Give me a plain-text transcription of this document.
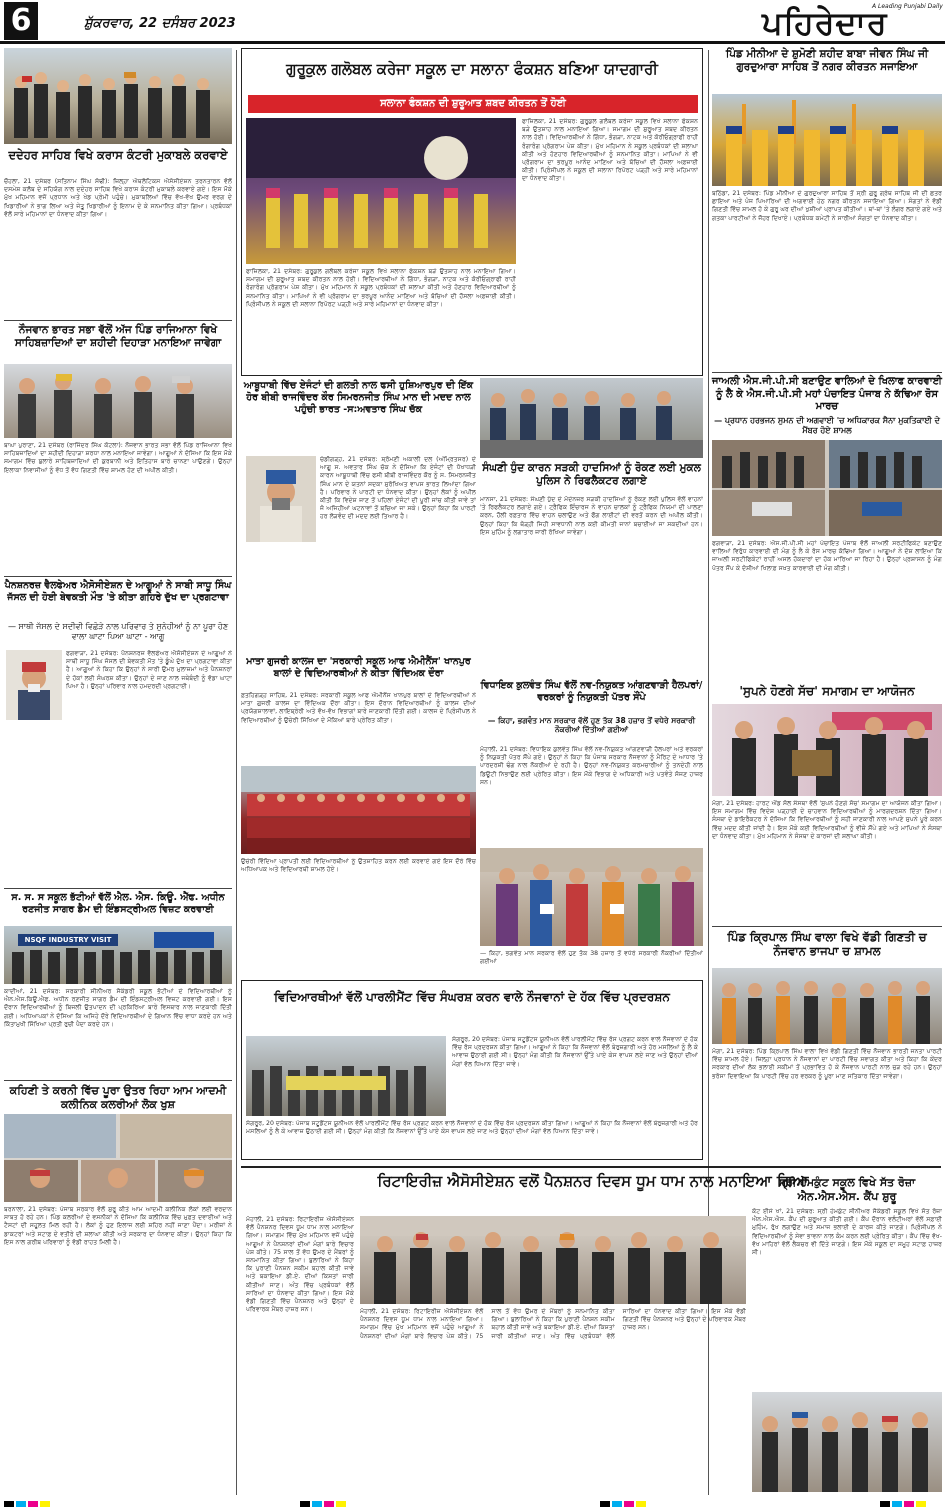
6	ਸ਼ੁੱਕਰਵਾਰ, 22 ਦਸੰਬਰ 2023	ਪਹਿਰੇਦਾਰ
A Leading Punjabi Daily
ਦਦੇਹਰ ਸਾਹਿਬ ਵਿਖੇ ਕਰਾਸ ਕੰਟਰੀ ਮੁਕਾਬਲੇ ਕਰਵਾਏ
ਚੌਹਲਾ, 21 ਦਸੰਬਰ (ਸਤਿਨਾਮ ਸਿੰਘ ਸੋਢੀ): ਜ਼ਿਲ੍ਹਾ ਐਥਲੈਟਿਕਸ ਐਸੋਸੀਏਸ਼ਨ ਤਰਨਤਾਰਨ ਵੱਲੋਂ ਦਸਮੇਸ਼ ਕਲੱਬ ਦੇ ਸਹਿਯੋਗ ਨਾਲ ਦਦੇਹਰ ਸਾਹਿਬ ਵਿਖੇ ਕਰਾਸ ਕੰਟਰੀ ਮੁਕਾਬਲੇ ਕਰਵਾਏ ਗਏ। ਇਸ ਮੌਕੇ ਮੁੱਖ ਮਹਿਮਾਨ ਵਜੋਂ ਪ੍ਰਧਾਨ ਅਤੇ ਖੇਡ ਪ੍ਰੇਮੀ ਪਹੁੰਚੇ। ਮੁਕਾਬਲਿਆਂ ਵਿੱਚ ਵੱਖ-ਵੱਖ ਉਮਰ ਵਰਗ ਦੇ ਖਿਡਾਰੀਆਂ ਨੇ ਭਾਗ ਲਿਆ ਅਤੇ ਜੇਤੂ ਖਿਡਾਰੀਆਂ ਨੂੰ ਇਨਾਮ ਦੇ ਕੇ ਸਨਮਾਨਿਤ ਕੀਤਾ ਗਿਆ। ਪ੍ਰਬੰਧਕਾਂ ਵੱਲੋਂ ਸਾਰੇ ਮਹਿਮਾਨਾਂ ਦਾ ਧੰਨਵਾਦ ਕੀਤਾ ਗਿਆ।
ਨੌਜਵਾਨ ਭਾਰਤ ਸਭਾ ਵੱਲੋਂ ਅੱਜ ਪਿੰਡ ਰਾਜਿਆਨਾ ਵਿਖੇ ਸਾਹਿਬਜ਼ਾਦਿਆਂ ਦਾ ਸ਼ਹੀਦੀ ਦਿਹਾੜਾ ਮਨਾਇਆ ਜਾਵੇਗਾ
ਬਾਘਾ ਪੁਰਾਣਾ, 21 ਦਸੰਬਰ (ਰਾਜਿੰਦਰ ਸਿੰਘ ਕੋਟਲਾ): ਨੌਜਵਾਨ ਭਾਰਤ ਸਭਾ ਵੱਲੋਂ ਪਿੰਡ ਰਾਜਿਆਨਾ ਵਿਖੇ ਸਾਹਿਬਜ਼ਾਦਿਆਂ ਦਾ ਸ਼ਹੀਦੀ ਦਿਹਾੜਾ ਸ਼ਰਧਾ ਨਾਲ ਮਨਾਇਆ ਜਾਵੇਗਾ। ਆਗੂਆਂ ਨੇ ਦੱਸਿਆ ਕਿ ਇਸ ਮੌਕੇ ਸਮਾਗਮ ਵਿੱਚ ਬੁਲਾਰੇ ਸਾਹਿਬਜ਼ਾਦਿਆਂ ਦੀ ਕੁਰਬਾਨੀ ਅਤੇ ਇਤਿਹਾਸ ਬਾਰੇ ਚਾਨਣਾ ਪਾਉਣਗੇ। ਉਨ੍ਹਾਂ ਇਲਾਕਾ ਨਿਵਾਸੀਆਂ ਨੂੰ ਵੱਧ ਤੋਂ ਵੱਧ ਗਿਣਤੀ ਵਿੱਚ ਸ਼ਾਮਲ ਹੋਣ ਦੀ ਅਪੀਲ ਕੀਤੀ।
ਪੈਨਸ਼ਨਰਜ਼ ਵੈਲਫੇਅਰ ਐਸੋਸੀਏਸ਼ਨ ਦੇ ਆਗੂਆਂ ਨੇ ਸਾਬੀ ਸਾਧੂ ਸਿੰਘ ਜੱਸਲ ਦੀ ਹੋਈ ਬੇਵਕਤੀ ਮੌਤ 'ਤੇ ਕੀਤਾ ਗਹਿਰੇ ਦੁੱਖ ਦਾ ਪ੍ਰਗਟਾਵਾ
— ਸਾਥੀ ਜੱਸਲ ਦੇ ਸਦੀਵੀ ਵਿਛੋੜੇ ਨਾਲ ਪਰਿਵਾਰ ਤੇ ਸੁਨੇਹੀਆਂ ਨੂੰ ਨਾ ਪੂਰਾ ਹੋਣ ਵਾਲਾ ਘਾਟਾ ਪਿਆ ਘਾਟਾ - ਆਗੂ
ਫਗਵਾੜਾ, 21 ਦਸੰਬਰ: ਪੈਨਸ਼ਨਰਜ਼ ਵੈਲਫੇਅਰ ਐਸੋਸੀਏਸ਼ਨ ਦੇ ਆਗੂਆਂ ਨੇ ਸਾਥੀ ਸਾਧੂ ਸਿੰਘ ਜੱਸਲ ਦੀ ਬੇਵਕਤੀ ਮੌਤ 'ਤੇ ਡੂੰਘੇ ਦੁੱਖ ਦਾ ਪ੍ਰਗਟਾਵਾ ਕੀਤਾ ਹੈ। ਆਗੂਆਂ ਨੇ ਕਿਹਾ ਕਿ ਉਨ੍ਹਾਂ ਨੇ ਸਾਰੀ ਉਮਰ ਮੁਲਾਜ਼ਮਾਂ ਅਤੇ ਪੈਨਸ਼ਨਰਾਂ ਦੇ ਹੱਕਾਂ ਲਈ ਸੰਘਰਸ਼ ਕੀਤਾ। ਉਨ੍ਹਾਂ ਦੇ ਜਾਣ ਨਾਲ ਜਥੇਬੰਦੀ ਨੂੰ ਵੱਡਾ ਘਾਟਾ ਪਿਆ ਹੈ। ਉਨ੍ਹਾਂ ਪਰਿਵਾਰ ਨਾਲ ਹਮਦਰਦੀ ਪ੍ਰਗਟਾਈ।
ਸ. ਸ. ਸ ਸਕੂਲ ਭੱਟੀਆਂ ਵੱਲੋਂ ਐਲ. ਐਸ. ਕਿਊ. ਐੱਫ. ਅਧੀਨ ਰਣਜੀਤ ਸਾਗਰ ਡੈਮ ਦੀ ਇੰਡਸਟ੍ਰੀਅਲ ਵਿਜ਼ਟ ਕਰਵਾਈ
NSQF INDUSTRY VISIT
ਕਾਦੀਆਂ, 21 ਦਸੰਬਰ: ਸਰਕਾਰੀ ਸੀਨੀਅਰ ਸੈਕੰਡਰੀ ਸਕੂਲ ਭੱਟੀਆਂ ਦੇ ਵਿਦਿਆਰਥੀਆਂ ਨੂੰ ਐਨ.ਐਸ.ਕਿਊ.ਐਫ. ਅਧੀਨ ਰਣਜੀਤ ਸਾਗਰ ਡੈਮ ਦੀ ਇੰਡਸਟ੍ਰੀਅਲ ਵਿਜ਼ਟ ਕਰਵਾਈ ਗਈ। ਇਸ ਦੌਰਾਨ ਵਿਦਿਆਰਥੀਆਂ ਨੂੰ ਬਿਜਲੀ ਉਤਪਾਦਨ ਦੀ ਪ੍ਰਕਿਰਿਆ ਬਾਰੇ ਵਿਸਥਾਰ ਨਾਲ ਜਾਣਕਾਰੀ ਦਿੱਤੀ ਗਈ। ਅਧਿਆਪਕਾਂ ਨੇ ਦੱਸਿਆ ਕਿ ਅਜਿਹੇ ਦੌਰੇ ਵਿਦਿਆਰਥੀਆਂ ਦੇ ਗਿਆਨ ਵਿੱਚ ਵਾਧਾ ਕਰਦੇ ਹਨ ਅਤੇ ਕਿੱਤਾਮੁਖੀ ਸਿੱਖਿਆ ਪ੍ਰਤੀ ਰੁਚੀ ਪੈਦਾ ਕਰਦੇ ਹਨ।
ਕਹਿਣੀ ਤੇ ਕਰਨੀ ਵਿੱਚ ਪੂਰਾ ਉਤਰ ਰਿਹਾ ਆਮ ਆਦਮੀ ਕਲੀਨਿਕ ਕਲਰੀਆਂ ਲੋਕ ਖੁਸ਼
ਬਰਨਾਲਾ, 21 ਦਸੰਬਰ: ਪੰਜਾਬ ਸਰਕਾਰ ਵੱਲੋਂ ਸ਼ੁਰੂ ਕੀਤੇ ਆਮ ਆਦਮੀ ਕਲੀਨਿਕ ਲੋਕਾਂ ਲਈ ਵਰਦਾਨ ਸਾਬਤ ਹੋ ਰਹੇ ਹਨ। ਪਿੰਡ ਕਲਰੀਆਂ ਦੇ ਵਸਨੀਕਾਂ ਨੇ ਦੱਸਿਆ ਕਿ ਕਲੀਨਿਕ ਵਿੱਚ ਮੁਫ਼ਤ ਦਵਾਈਆਂ ਅਤੇ ਟੈਸਟਾਂ ਦੀ ਸਹੂਲਤ ਮਿਲ ਰਹੀ ਹੈ। ਲੋਕਾਂ ਨੂੰ ਹੁਣ ਇਲਾਜ ਲਈ ਸ਼ਹਿਰ ਨਹੀਂ ਜਾਣਾ ਪੈਂਦਾ। ਮਰੀਜ਼ਾਂ ਨੇ ਡਾਕਟਰਾਂ ਅਤੇ ਸਟਾਫ਼ ਦੇ ਵਤੀਰੇ ਦੀ ਸ਼ਲਾਘਾ ਕੀਤੀ ਅਤੇ ਸਰਕਾਰ ਦਾ ਧੰਨਵਾਦ ਕੀਤਾ। ਉਨ੍ਹਾਂ ਕਿਹਾ ਕਿ ਇਸ ਨਾਲ ਗਰੀਬ ਪਰਿਵਾਰਾਂ ਨੂੰ ਵੱਡੀ ਰਾਹਤ ਮਿਲੀ ਹੈ।
ਗੁਰੂਕੁਲ ਗਲੋਬਲ ਕਰੇਜਾ ਸਕੂਲ ਦਾ ਸਲਾਨਾ ਫੰਕਸ਼ਨ ਬਣਿਆ ਯਾਦਗਾਰੀ
ਸਲਾਨਾ ਫੰਕਸ਼ਨ ਦੀ ਸ਼ੁਰੂਆਤ ਸ਼ਬਦ ਕੀਰਤਨ ਤੋਂ ਹੋਈ
ਫਾਜ਼ਿਲਕਾ, 21 ਦਸੰਬਰ: ਗੁਰੂਕੁਲ ਗਲੋਬਲ ਕਰੇਜਾ ਸਕੂਲ ਵਿਖੇ ਸਲਾਨਾ ਫੰਕਸ਼ਨ ਬੜੇ ਉਤਸ਼ਾਹ ਨਾਲ ਮਨਾਇਆ ਗਿਆ। ਸਮਾਗਮ ਦੀ ਸ਼ੁਰੂਆਤ ਸ਼ਬਦ ਕੀਰਤਨ ਨਾਲ ਹੋਈ। ਵਿਦਿਆਰਥੀਆਂ ਨੇ ਗਿੱਧਾ, ਭੰਗੜਾ, ਨਾਟਕ ਅਤੇ ਕੋਰੀਓਗ੍ਰਾਫੀ ਰਾਹੀਂ ਰੰਗਾਰੰਗ ਪ੍ਰੋਗਰਾਮ ਪੇਸ਼ ਕੀਤਾ। ਮੁੱਖ ਮਹਿਮਾਨ ਨੇ ਸਕੂਲ ਪ੍ਰਬੰਧਕਾਂ ਦੀ ਸ਼ਲਾਘਾ ਕੀਤੀ ਅਤੇ ਹੋਣਹਾਰ ਵਿਦਿਆਰਥੀਆਂ ਨੂੰ ਸਨਮਾਨਿਤ ਕੀਤਾ। ਮਾਪਿਆਂ ਨੇ ਵੀ ਪ੍ਰੋਗਰਾਮ ਦਾ ਭਰਪੂਰ ਆਨੰਦ ਮਾਣਿਆ ਅਤੇ ਬੱਚਿਆਂ ਦੀ ਹੌਸਲਾ ਅਫ਼ਜ਼ਾਈ ਕੀਤੀ। ਪ੍ਰਿੰਸੀਪਲ ਨੇ ਸਕੂਲ ਦੀ ਸਲਾਨਾ ਰਿਪੋਰਟ ਪੜ੍ਹੀ ਅਤੇ ਸਾਰੇ ਮਹਿਮਾਨਾਂ ਦਾ ਧੰਨਵਾਦ ਕੀਤਾ।
ਫਾਜ਼ਿਲਕਾ, 21 ਦਸੰਬਰ: ਗੁਰੂਕੁਲ ਗਲੋਬਲ ਕਰੇਜਾ ਸਕੂਲ ਵਿਖੇ ਸਲਾਨਾ ਫੰਕਸ਼ਨ ਬੜੇ ਉਤਸ਼ਾਹ ਨਾਲ ਮਨਾਇਆ ਗਿਆ। ਸਮਾਗਮ ਦੀ ਸ਼ੁਰੂਆਤ ਸ਼ਬਦ ਕੀਰਤਨ ਨਾਲ ਹੋਈ। ਵਿਦਿਆਰਥੀਆਂ ਨੇ ਗਿੱਧਾ, ਭੰਗੜਾ, ਨਾਟਕ ਅਤੇ ਕੋਰੀਓਗ੍ਰਾਫੀ ਰਾਹੀਂ ਰੰਗਾਰੰਗ ਪ੍ਰੋਗਰਾਮ ਪੇਸ਼ ਕੀਤਾ। ਮੁੱਖ ਮਹਿਮਾਨ ਨੇ ਸਕੂਲ ਪ੍ਰਬੰਧਕਾਂ ਦੀ ਸ਼ਲਾਘਾ ਕੀਤੀ ਅਤੇ ਹੋਣਹਾਰ ਵਿਦਿਆਰਥੀਆਂ ਨੂੰ ਸਨਮਾਨਿਤ ਕੀਤਾ। ਮਾਪਿਆਂ ਨੇ ਵੀ ਪ੍ਰੋਗਰਾਮ ਦਾ ਭਰਪੂਰ ਆਨੰਦ ਮਾਣਿਆ ਅਤੇ ਬੱਚਿਆਂ ਦੀ ਹੌਸਲਾ ਅਫ਼ਜ਼ਾਈ ਕੀਤੀ। ਪ੍ਰਿੰਸੀਪਲ ਨੇ ਸਕੂਲ ਦੀ ਸਲਾਨਾ ਰਿਪੋਰਟ ਪੜ੍ਹੀ ਅਤੇ ਸਾਰੇ ਮਹਿਮਾਨਾਂ ਦਾ ਧੰਨਵਾਦ ਕੀਤਾ।
ਆਬੂਧਾਬੀ ਵਿੱਚ ਏਜੰਟਾਂ ਦੀ ਗਲਤੀ ਨਾਲ ਫਸੀ ਹੁਸ਼ਿਆਰਪੁਰ ਦੀ ਇੱਕ ਹੋਰ ਬੀਬੀ ਰਾਜਵਿੰਦਰ ਕੌਰ ਸਿਮਰਨਜੀਤ ਸਿੰਘ ਮਾਨ ਦੀ ਮਦਦ ਨਾਲ ਪਹੁੰਚੀ ਭਾਰਤ -ਸ:ਅਵਤਾਰ ਸਿੰਘ ਚੱਕ
ਚੰਡੀਗੜ੍ਹ, 21 ਦਸੰਬਰ: ਸ਼੍ਰੋਮਣੀ ਅਕਾਲੀ ਦਲ (ਅੰਮ੍ਰਿਤਸਰ) ਦੇ ਆਗੂ ਸ. ਅਵਤਾਰ ਸਿੰਘ ਚੱਕ ਨੇ ਦੱਸਿਆ ਕਿ ਏਜੰਟਾਂ ਦੀ ਧੋਖਾਧੜੀ ਕਾਰਨ ਆਬੂਧਾਬੀ ਵਿੱਚ ਫਸੀ ਬੀਬੀ ਰਾਜਵਿੰਦਰ ਕੌਰ ਨੂੰ ਸ. ਸਿਮਰਨਜੀਤ ਸਿੰਘ ਮਾਨ ਦੇ ਯਤਨਾਂ ਸਦਕਾ ਸੁਰੱਖਿਅਤ ਵਾਪਸ ਭਾਰਤ ਲਿਆਂਦਾ ਗਿਆ ਹੈ। ਪਰਿਵਾਰ ਨੇ ਪਾਰਟੀ ਦਾ ਧੰਨਵਾਦ ਕੀਤਾ। ਉਨ੍ਹਾਂ ਲੋਕਾਂ ਨੂੰ ਅਪੀਲ ਕੀਤੀ ਕਿ ਵਿਦੇਸ਼ ਜਾਣ ਤੋਂ ਪਹਿਲਾਂ ਏਜੰਟਾਂ ਦੀ ਪੂਰੀ ਜਾਂਚ ਕੀਤੀ ਜਾਵੇ ਤਾਂ ਜੋ ਅਜਿਹੀਆਂ ਘਟਨਾਵਾਂ ਤੋਂ ਬਚਿਆ ਜਾ ਸਕੇ। ਉਨ੍ਹਾਂ ਕਿਹਾ ਕਿ ਪਾਰਟੀ ਹਰ ਲੋੜਵੰਦ ਦੀ ਮਦਦ ਲਈ ਤਿਆਰ ਹੈ।
ਸੰਘਣੀ ਧੁੰਦ ਕਾਰਨ ਸੜਕੀ ਹਾਦਸਿਆਂ ਨੂੰ ਰੋਕਣ ਲਈ ਮੁਕਲ ਪੁਲਿਸ ਨੇ ਰਿਫਲੈਕਟਰ ਲਗਾਏ
ਮਾਨਸਾ, 21 ਦਸੰਬਰ: ਸੰਘਣੀ ਧੁੰਦ ਦੇ ਮੱਦੇਨਜ਼ਰ ਸੜਕੀ ਹਾਦਸਿਆਂ ਨੂੰ ਰੋਕਣ ਲਈ ਪੁਲਿਸ ਵੱਲੋਂ ਵਾਹਨਾਂ 'ਤੇ ਰਿਫਲੈਕਟਰ ਲਗਾਏ ਗਏ। ਟ੍ਰੈਫਿਕ ਇੰਚਾਰਜ ਨੇ ਵਾਹਨ ਚਾਲਕਾਂ ਨੂੰ ਟ੍ਰੈਫਿਕ ਨਿਯਮਾਂ ਦੀ ਪਾਲਣਾ ਕਰਨ, ਹੌਲੀ ਰਫ਼ਤਾਰ ਵਿੱਚ ਵਾਹਨ ਚਲਾਉਣ ਅਤੇ ਫੌਗ ਲਾਈਟਾਂ ਦੀ ਵਰਤੋਂ ਕਰਨ ਦੀ ਅਪੀਲ ਕੀਤੀ। ਉਨ੍ਹਾਂ ਕਿਹਾ ਕਿ ਥੋੜ੍ਹੀ ਜਿਹੀ ਸਾਵਧਾਨੀ ਨਾਲ ਕਈ ਕੀਮਤੀ ਜਾਨਾਂ ਬਚਾਈਆਂ ਜਾ ਸਕਦੀਆਂ ਹਨ। ਇਸ ਮੁਹਿੰਮ ਨੂੰ ਲਗਾਤਾਰ ਜਾਰੀ ਰੱਖਿਆ ਜਾਵੇਗਾ।
ਮਾਤਾ ਗੁਜਰੀ ਕਾਲਜ ਦਾ 'ਸਰਕਾਰੀ ਸਕੂਲ ਆਫ ਐਮੀਨੈਂਸ' ਖਾਨਪੁਰ ਬਾਲਾਂ ਦੇ ਵਿਦਿਆਰਥੀਆਂ ਨੇ ਕੀਤਾ ਵਿੱਦਿਅਕ ਦੌਰਾ
ਫ਼ਤਹਿਗੜ੍ਹ ਸਾਹਿਬ, 21 ਦਸੰਬਰ: ਸਰਕਾਰੀ ਸਕੂਲ ਆਫ ਐਮੀਨੈਂਸ ਖਾਨਪੁਰ ਬਾਲਾਂ ਦੇ ਵਿਦਿਆਰਥੀਆਂ ਨੇ ਮਾਤਾ ਗੁਜਰੀ ਕਾਲਜ ਦਾ ਵਿੱਦਿਅਕ ਦੌਰਾ ਕੀਤਾ। ਇਸ ਦੌਰਾਨ ਵਿਦਿਆਰਥੀਆਂ ਨੂੰ ਕਾਲਜ ਦੀਆਂ ਪ੍ਰਯੋਗਸ਼ਾਲਾਵਾਂ, ਲਾਇਬ੍ਰੇਰੀ ਅਤੇ ਵੱਖ-ਵੱਖ ਵਿਭਾਗਾਂ ਬਾਰੇ ਜਾਣਕਾਰੀ ਦਿੱਤੀ ਗਈ। ਕਾਲਜ ਦੇ ਪ੍ਰਿੰਸੀਪਲ ਨੇ ਵਿਦਿਆਰਥੀਆਂ ਨੂੰ ਉਚੇਰੀ ਸਿੱਖਿਆ ਦੇ ਮੌਕਿਆਂ ਬਾਰੇ ਪ੍ਰੇਰਿਤ ਕੀਤਾ।
ਉਚੇਰੀ ਵਿੱਦਿਆ ਪ੍ਰਾਪਤੀ ਲਈ ਵਿਦਿਆਰਥੀਆਂ ਨੂੰ ਉਤਸ਼ਾਹਿਤ ਕਰਨ ਲਈ ਕਰਵਾਏ ਗਏ ਇਸ ਦੌਰੇ ਵਿੱਚ ਅਧਿਆਪਕ ਅਤੇ ਵਿਦਿਆਰਥੀ ਸ਼ਾਮਲ ਹੋਏ।
ਵਿਧਾਇਕ ਕੁਲਵੰਤ ਸਿੰਘ ਵੱਲੋਂ ਨਵ-ਨਿਯੁਕਤ ਆਂਗਣਵਾੜੀ ਹੈਲਪਰਾਂ/ਵਰਕਰਾਂ ਨੂੰ ਨਿਯੁਕਤੀ ਪੱਤਰ ਸੌਂਪੇ
— ਕਿਹਾ, ਭਗਵੰਤ ਮਾਨ ਸਰਕਾਰ ਵੱਲੋਂ ਹੁਣ ਤੱਕ 38 ਹਜ਼ਾਰ ਤੋਂ ਵਧੇਰੇ ਸਰਕਾਰੀ ਨੌਕਰੀਆਂ ਦਿੱਤੀਆਂ ਗਈਆਂ
ਮੋਹਾਲੀ, 21 ਦਸੰਬਰ: ਵਿਧਾਇਕ ਕੁਲਵੰਤ ਸਿੰਘ ਵੱਲੋਂ ਨਵ-ਨਿਯੁਕਤ ਆਂਗਣਵਾੜੀ ਹੈਲਪਰਾਂ ਅਤੇ ਵਰਕਰਾਂ ਨੂੰ ਨਿਯੁਕਤੀ ਪੱਤਰ ਸੌਂਪੇ ਗਏ। ਉਨ੍ਹਾਂ ਨੇ ਕਿਹਾ ਕਿ ਪੰਜਾਬ ਸਰਕਾਰ ਨੌਜਵਾਨਾਂ ਨੂੰ ਮੈਰਿਟ ਦੇ ਆਧਾਰ 'ਤੇ ਪਾਰਦਰਸ਼ੀ ਢੰਗ ਨਾਲ ਨੌਕਰੀਆਂ ਦੇ ਰਹੀ ਹੈ। ਉਨ੍ਹਾਂ ਨਵ-ਨਿਯੁਕਤ ਕਰਮਚਾਰੀਆਂ ਨੂੰ ਤਨਦੇਹੀ ਨਾਲ ਡਿਊਟੀ ਨਿਭਾਉਣ ਲਈ ਪ੍ਰੇਰਿਤ ਕੀਤਾ। ਇਸ ਮੌਕੇ ਵਿਭਾਗ ਦੇ ਅਧਿਕਾਰੀ ਅਤੇ ਪਤਵੰਤੇ ਸੱਜਣ ਹਾਜ਼ਰ ਸਨ।
— ਕਿਹਾ, ਭਗਵੰਤ ਮਾਨ ਸਰਕਾਰ ਵੱਲੋਂ ਹੁਣ ਤੱਕ 38 ਹਜ਼ਾਰ ਤੋਂ ਵਧੇਰੇ ਸਰਕਾਰੀ ਨੌਕਰੀਆਂ ਦਿੱਤੀਆਂ ਗਈਆਂ
ਵਿਦਿਆਰਥੀਆਂ ਵੱਲੋਂ ਪਾਰਲੀਮੈਂਟ ਵਿੱਚ ਸੰਘਰਸ਼ ਕਰਨ ਵਾਲੇ ਨੌਜਵਾਨਾਂ ਦੇ ਹੱਕ ਵਿੱਚ ਪ੍ਰਦਰਸ਼ਨ
ਸੰਗਰੂਰ, 20 ਦਸੰਬਰ: ਪੰਜਾਬ ਸਟੂਡੈਂਟਸ ਯੂਨੀਅਨ ਵੱਲੋਂ ਪਾਰਲੀਮੈਂਟ ਵਿੱਚ ਰੋਸ ਪ੍ਰਗਟ ਕਰਨ ਵਾਲੇ ਨੌਜਵਾਨਾਂ ਦੇ ਹੱਕ ਵਿੱਚ ਰੋਸ ਪ੍ਰਦਰਸ਼ਨ ਕੀਤਾ ਗਿਆ। ਆਗੂਆਂ ਨੇ ਕਿਹਾ ਕਿ ਨੌਜਵਾਨਾਂ ਵੱਲੋਂ ਬੇਰੁਜ਼ਗਾਰੀ ਅਤੇ ਹੋਰ ਮਸਲਿਆਂ ਨੂੰ ਲੈ ਕੇ ਆਵਾਜ਼ ਉਠਾਈ ਗਈ ਸੀ। ਉਨ੍ਹਾਂ ਮੰਗ ਕੀਤੀ ਕਿ ਨੌਜਵਾਨਾਂ ਉੱਤੇ ਪਾਏ ਕੇਸ ਵਾਪਸ ਲਏ ਜਾਣ ਅਤੇ ਉਨ੍ਹਾਂ ਦੀਆਂ ਮੰਗਾਂ ਵੱਲ ਧਿਆਨ ਦਿੱਤਾ ਜਾਵੇ।
ਸੰਗਰੂਰ, 20 ਦਸੰਬਰ: ਪੰਜਾਬ ਸਟੂਡੈਂਟਸ ਯੂਨੀਅਨ ਵੱਲੋਂ ਪਾਰਲੀਮੈਂਟ ਵਿੱਚ ਰੋਸ ਪ੍ਰਗਟ ਕਰਨ ਵਾਲੇ ਨੌਜਵਾਨਾਂ ਦੇ ਹੱਕ ਵਿੱਚ ਰੋਸ ਪ੍ਰਦਰਸ਼ਨ ਕੀਤਾ ਗਿਆ। ਆਗੂਆਂ ਨੇ ਕਿਹਾ ਕਿ ਨੌਜਵਾਨਾਂ ਵੱਲੋਂ ਬੇਰੁਜ਼ਗਾਰੀ ਅਤੇ ਹੋਰ ਮਸਲਿਆਂ ਨੂੰ ਲੈ ਕੇ ਆਵਾਜ਼ ਉਠਾਈ ਗਈ ਸੀ। ਉਨ੍ਹਾਂ ਮੰਗ ਕੀਤੀ ਕਿ ਨੌਜਵਾਨਾਂ ਉੱਤੇ ਪਾਏ ਕੇਸ ਵਾਪਸ ਲਏ ਜਾਣ ਅਤੇ ਉਨ੍ਹਾਂ ਦੀਆਂ ਮੰਗਾਂ ਵੱਲ ਧਿਆਨ ਦਿੱਤਾ ਜਾਵੇ।
ਰਿਟਾਇਰੀਜ਼ ਐਸੋਸੀਏਸ਼ਨ ਵਲੋਂ ਪੈਨਸ਼ਨਰ ਦਿਵਸ ਧੂਮ ਧਾਮ ਨਾਲ ਮਨਾਇਆ ਗਿਆ
ਮੋਹਾਲੀ, 21 ਦਸੰਬਰ: ਰਿਟਾਇਰੀਜ਼ ਐਸੋਸੀਏਸ਼ਨ ਵੱਲੋਂ ਪੈਨਸ਼ਨਰ ਦਿਵਸ ਧੂਮ ਧਾਮ ਨਾਲ ਮਨਾਇਆ ਗਿਆ। ਸਮਾਗਮ ਵਿੱਚ ਮੁੱਖ ਮਹਿਮਾਨ ਵਜੋਂ ਪਹੁੰਚੇ ਆਗੂਆਂ ਨੇ ਪੈਨਸ਼ਨਰਾਂ ਦੀਆਂ ਮੰਗਾਂ ਬਾਰੇ ਵਿਚਾਰ ਪੇਸ਼ ਕੀਤੇ। 75 ਸਾਲ ਤੋਂ ਵੱਧ ਉਮਰ ਦੇ ਮੈਂਬਰਾਂ ਨੂੰ ਸਨਮਾਨਿਤ ਕੀਤਾ ਗਿਆ। ਬੁਲਾਰਿਆਂ ਨੇ ਕਿਹਾ ਕਿ ਪੁਰਾਣੀ ਪੈਨਸ਼ਨ ਸਕੀਮ ਬਹਾਲ ਕੀਤੀ ਜਾਵੇ ਅਤੇ ਬਕਾਇਆ ਡੀ.ਏ. ਦੀਆਂ ਕਿਸ਼ਤਾਂ ਜਾਰੀ ਕੀਤੀਆਂ ਜਾਣ। ਅੰਤ ਵਿੱਚ ਪ੍ਰਬੰਧਕਾਂ ਵੱਲੋਂ ਸਾਰਿਆਂ ਦਾ ਧੰਨਵਾਦ ਕੀਤਾ ਗਿਆ। ਇਸ ਮੌਕੇ ਵੱਡੀ ਗਿਣਤੀ ਵਿੱਚ ਪੈਨਸ਼ਨਰ ਅਤੇ ਉਨ੍ਹਾਂ ਦੇ ਪਰਿਵਾਰਕ ਮੈਂਬਰ ਹਾਜ਼ਰ ਸਨ।	ਮੋਹਾਲੀ, 21 ਦਸੰਬਰ: ਰਿਟਾਇਰੀਜ਼ ਐਸੋਸੀਏਸ਼ਨ ਵੱਲੋਂ ਪੈਨਸ਼ਨਰ ਦਿਵਸ ਧੂਮ ਧਾਮ ਨਾਲ ਮਨਾਇਆ ਗਿਆ। ਸਮਾਗਮ ਵਿੱਚ ਮੁੱਖ ਮਹਿਮਾਨ ਵਜੋਂ ਪਹੁੰਚੇ ਆਗੂਆਂ ਨੇ ਪੈਨਸ਼ਨਰਾਂ ਦੀਆਂ ਮੰਗਾਂ ਬਾਰੇ ਵਿਚਾਰ ਪੇਸ਼ ਕੀਤੇ। 75 ਸਾਲ ਤੋਂ ਵੱਧ ਉਮਰ ਦੇ ਮੈਂਬਰਾਂ ਨੂੰ ਸਨਮਾਨਿਤ ਕੀਤਾ ਗਿਆ। ਬੁਲਾਰਿਆਂ ਨੇ ਕਿਹਾ ਕਿ ਪੁਰਾਣੀ ਪੈਨਸ਼ਨ ਸਕੀਮ ਬਹਾਲ ਕੀਤੀ ਜਾਵੇ ਅਤੇ ਬਕਾਇਆ ਡੀ.ਏ. ਦੀਆਂ ਕਿਸ਼ਤਾਂ ਜਾਰੀ ਕੀਤੀਆਂ ਜਾਣ। ਅੰਤ ਵਿੱਚ ਪ੍ਰਬੰਧਕਾਂ ਵੱਲੋਂ ਸਾਰਿਆਂ ਦਾ ਧੰਨਵਾਦ ਕੀਤਾ ਗਿਆ। ਇਸ ਮੌਕੇ ਵੱਡੀ ਗਿਣਤੀ ਵਿੱਚ ਪੈਨਸ਼ਨਰ ਅਤੇ ਉਨ੍ਹਾਂ ਦੇ ਪਰਿਵਾਰਕ ਮੈਂਬਰ ਹਾਜ਼ਰ ਸਨ।
ਪਿੰਡ ਮੀਨੀਆ ਦੇ ਸ਼ੁਮੋਣੀ ਸ਼ਹੀਦ ਬਾਬਾ ਜੀਵਨ ਸਿੰਘ ਜੀ ਗੁਰਦੁਆਰਾ ਸਾਹਿਬ ਤੋਂ ਨਗਰ ਕੀਰਤਨ ਸਜਾਇਆ
ਬਠਿੰਡਾ, 21 ਦਸੰਬਰ: ਪਿੰਡ ਮੀਨੀਆ ਦੇ ਗੁਰਦੁਆਰਾ ਸਾਹਿਬ ਤੋਂ ਸ੍ਰੀ ਗੁਰੂ ਗ੍ਰੰਥ ਸਾਹਿਬ ਜੀ ਦੀ ਛਤਰ ਛਾਇਆ ਅਤੇ ਪੰਜ ਪਿਆਰਿਆਂ ਦੀ ਅਗਵਾਈ ਹੇਠ ਨਗਰ ਕੀਰਤਨ ਸਜਾਇਆ ਗਿਆ। ਸੰਗਤਾਂ ਨੇ ਵੱਡੀ ਗਿਣਤੀ ਵਿੱਚ ਸ਼ਾਮਲ ਹੋ ਕੇ ਗੁਰੂ ਘਰ ਦੀਆਂ ਖੁਸ਼ੀਆਂ ਪ੍ਰਾਪਤ ਕੀਤੀਆਂ। ਥਾਂ-ਥਾਂ 'ਤੇ ਲੰਗਰ ਲਗਾਏ ਗਏ ਅਤੇ ਗਤਕਾ ਪਾਰਟੀਆਂ ਨੇ ਜੌਹਰ ਦਿਖਾਏ। ਪ੍ਰਬੰਧਕ ਕਮੇਟੀ ਨੇ ਸਾਰੀਆਂ ਸੰਗਤਾਂ ਦਾ ਧੰਨਵਾਦ ਕੀਤਾ।
ਜਾਅਲੀ ਐਸ.ਜੀ.ਪੀ.ਸੀ ਬਣਾਉਣ ਵਾਲਿਆਂ ਦੇ ਖਿਲਾਫ ਕਾਰਵਾਈ ਨੂੰ ਲੈ ਕੇ ਐਸ.ਜੀ.ਪੀ.ਸੀ ਮਹਾਂ ਪੰਚਾਇਤ ਪੰਜਾਬ ਨੇ ਕੱਢਿਆ ਰੋਸ ਮਾਰਚ
— ਪ੍ਰਧਾਨ ਹਰਭਜਨ ਸੁਮਨ ਦੀ ਅਗਵਾਈ 'ਚ ਅਧਿਕਾਰਕ ਸੈਨਾ ਮੁਕਤਿਕਾਈ ਦੇ ਮੈਂਬਰ ਹੋਏ ਸ਼ਾਮਲ
ਫਗਵਾੜਾ, 21 ਦਸੰਬਰ: ਐਸ.ਜੀ.ਪੀ.ਸੀ ਮਹਾਂ ਪੰਚਾਇਤ ਪੰਜਾਬ ਵੱਲੋਂ ਜਾਅਲੀ ਸਰਟੀਫਿਕੇਟ ਬਣਾਉਣ ਵਾਲਿਆਂ ਵਿਰੁੱਧ ਕਾਰਵਾਈ ਦੀ ਮੰਗ ਨੂੰ ਲੈ ਕੇ ਰੋਸ ਮਾਰਚ ਕੱਢਿਆ ਗਿਆ। ਆਗੂਆਂ ਨੇ ਦੋਸ਼ ਲਾਇਆ ਕਿ ਜਾਅਲੀ ਸਰਟੀਫਿਕੇਟਾਂ ਰਾਹੀਂ ਅਸਲ ਹੱਕਦਾਰਾਂ ਦਾ ਹੱਕ ਮਾਰਿਆ ਜਾ ਰਿਹਾ ਹੈ। ਉਨ੍ਹਾਂ ਪ੍ਰਸ਼ਾਸਨ ਨੂੰ ਮੰਗ ਪੱਤਰ ਸੌਂਪ ਕੇ ਦੋਸ਼ੀਆਂ ਖਿਲਾਫ਼ ਸਖ਼ਤ ਕਾਰਵਾਈ ਦੀ ਮੰਗ ਕੀਤੀ।
'ਸੁਪਨੇ ਹੋਣਗੇ ਸੱਚ' ਸਮਾਗਮ ਦਾ ਆਯੋਜਨ
ਮੋਗਾ, 21 ਦਸੰਬਰ: ਹਾਰਟ ਐਂਡ ਸੋਲ ਸੰਸਥਾ ਵੱਲੋਂ 'ਸੁਪਨੇ ਹੋਣਗੇ ਸੱਚ' ਸਮਾਗਮ ਦਾ ਆਯੋਜਨ ਕੀਤਾ ਗਿਆ। ਇਸ ਸਮਾਗਮ ਵਿੱਚ ਵਿਦੇਸ਼ ਪੜ੍ਹਾਈ ਦੇ ਚਾਹਵਾਨ ਵਿਦਿਆਰਥੀਆਂ ਨੂੰ ਮਾਰਗਦਰਸ਼ਨ ਦਿੱਤਾ ਗਿਆ। ਸੰਸਥਾ ਦੇ ਡਾਇਰੈਕਟਰ ਨੇ ਦੱਸਿਆ ਕਿ ਵਿਦਿਆਰਥੀਆਂ ਨੂੰ ਸਹੀ ਜਾਣਕਾਰੀ ਨਾਲ ਆਪਣੇ ਸੁਪਨੇ ਪੂਰੇ ਕਰਨ ਵਿੱਚ ਮਦਦ ਕੀਤੀ ਜਾਂਦੀ ਹੈ। ਇਸ ਮੌਕੇ ਕਈ ਵਿਦਿਆਰਥੀਆਂ ਨੂੰ ਵੀਜ਼ੇ ਸੌਂਪੇ ਗਏ ਅਤੇ ਮਾਪਿਆਂ ਨੇ ਸੰਸਥਾ ਦਾ ਧੰਨਵਾਦ ਕੀਤਾ। ਮੁੱਖ ਮਹਿਮਾਨ ਨੇ ਸੰਸਥਾ ਦੇ ਕਾਰਜਾਂ ਦੀ ਸ਼ਲਾਘਾ ਕੀਤੀ।
ਪਿੰਡ ਕ੍ਰਿਪਾਲ ਸਿੰਘ ਵਾਲਾ ਵਿਖੇ ਵੱਡੀ ਗਿਣਤੀ ਚ ਨੌਜਵਾਨ ਭਾਜਪਾ ਚ ਸ਼ਾਮਲ
ਮੋਗਾ, 21 ਦਸੰਬਰ: ਪਿੰਡ ਕ੍ਰਿਪਾਲ ਸਿੰਘ ਵਾਲਾ ਵਿਖੇ ਵੱਡੀ ਗਿਣਤੀ ਵਿੱਚ ਨੌਜਵਾਨ ਭਾਰਤੀ ਜਨਤਾ ਪਾਰਟੀ ਵਿੱਚ ਸ਼ਾਮਲ ਹੋਏ। ਜ਼ਿਲ੍ਹਾ ਪ੍ਰਧਾਨ ਨੇ ਨੌਜਵਾਨਾਂ ਦਾ ਪਾਰਟੀ ਵਿੱਚ ਸਵਾਗਤ ਕੀਤਾ ਅਤੇ ਕਿਹਾ ਕਿ ਕੇਂਦਰ ਸਰਕਾਰ ਦੀਆਂ ਲੋਕ ਭਲਾਈ ਸਕੀਮਾਂ ਤੋਂ ਪ੍ਰਭਾਵਿਤ ਹੋ ਕੇ ਨੌਜਵਾਨ ਪਾਰਟੀ ਨਾਲ ਜੁੜ ਰਹੇ ਹਨ। ਉਨ੍ਹਾਂ ਭਰੋਸਾ ਦਿਵਾਇਆ ਕਿ ਪਾਰਟੀ ਵਿੱਚ ਹਰ ਵਰਕਰ ਨੂੰ ਪੂਰਾ ਮਾਣ ਸਤਿਕਾਰ ਦਿੱਤਾ ਜਾਵੇਗਾ।
ਸ੍ਰੀ ਹੇਮਕੁੰਟ ਸਕੂਲ ਵਿਖੇ ਸੱਤ ਰੋਜ਼ਾ ਐਨ.ਐਸ.ਐਸ. ਕੈਂਪ ਸ਼ੁਰੂ
ਕੋਟ ਈਸੇ ਖਾਂ, 21 ਦਸੰਬਰ: ਸ੍ਰੀ ਹੇਮਕੁੰਟ ਸੀਨੀਅਰ ਸੈਕੰਡਰੀ ਸਕੂਲ ਵਿਖੇ ਸੱਤ ਰੋਜ਼ਾ ਐਨ.ਐਸ.ਐਸ. ਕੈਂਪ ਦੀ ਸ਼ੁਰੂਆਤ ਕੀਤੀ ਗਈ। ਕੈਂਪ ਦੌਰਾਨ ਵਲੰਟੀਅਰਾਂ ਵੱਲੋਂ ਸਫ਼ਾਈ ਮੁਹਿੰਮ, ਰੁੱਖ ਲਗਾਉਣ ਅਤੇ ਸਮਾਜ ਭਲਾਈ ਦੇ ਕਾਰਜ ਕੀਤੇ ਜਾਣਗੇ। ਪ੍ਰਿੰਸੀਪਲ ਨੇ ਵਿਦਿਆਰਥੀਆਂ ਨੂੰ ਸੇਵਾ ਭਾਵਨਾ ਨਾਲ ਕੰਮ ਕਰਨ ਲਈ ਪ੍ਰੇਰਿਤ ਕੀਤਾ। ਕੈਂਪ ਵਿੱਚ ਵੱਖ-ਵੱਖ ਮਾਹਿਰਾਂ ਵੱਲੋਂ ਲੈਕਚਰ ਵੀ ਦਿੱਤੇ ਜਾਣਗੇ। ਇਸ ਮੌਕੇ ਸਕੂਲ ਦਾ ਸਮੂਹ ਸਟਾਫ਼ ਹਾਜ਼ਰ ਸੀ।
